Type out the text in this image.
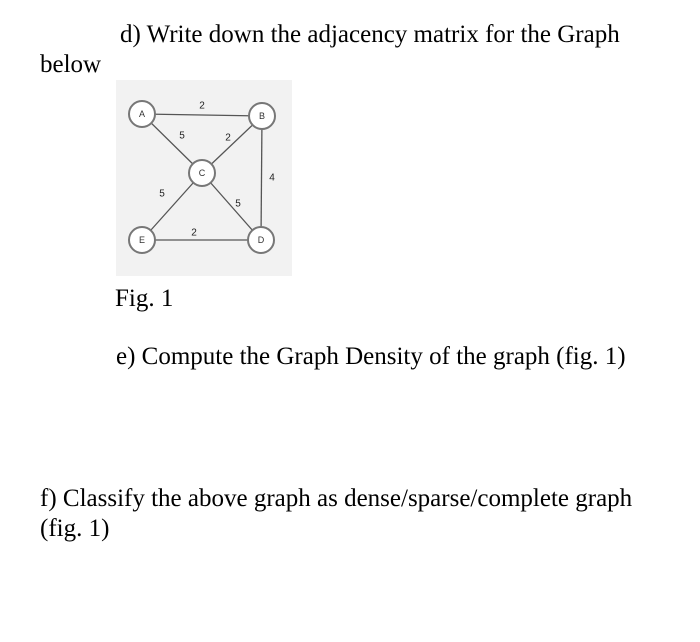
d) Write down the adjacency matrix for the Graph

below

2
5	2
4
5
5
2
A	B
C
D
E

Fig. 1

e) Compute the Graph Density of the graph (fig. 1)

f) Classify the above graph as dense/sparse/complete graph

(fig. 1)
